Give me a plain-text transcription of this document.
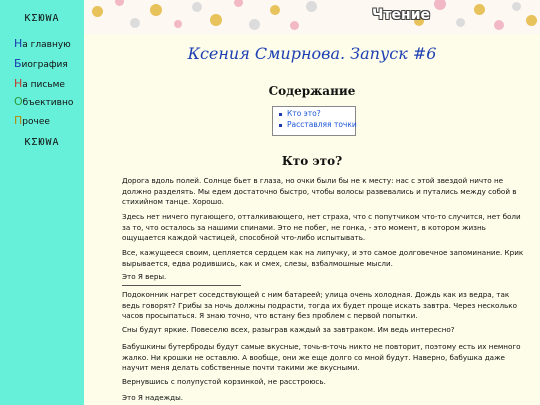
KΣЮWA
На главную
Биография
На письме
Объективно
Прочее
KΣЮWA
Чтение
Ксения Смирнова. Запуск #6
Содержание
Кто это?
Расставляя точки
Кто это?

Дорога вдоль полей. Солнце бьет в глаза, но очки были бы не к месту: нас с этой звездой ничто не должно разделять. Мы едем достаточно быстро, чтобы волосы развевались и путались между собой в стихийном танце. Хорошо.

Здесь нет ничего пугающего, отталкивающего, нет страха, что с попутчиком что-то случится, нет боли за то, что осталось за нашими спинами. Это не побег, не гонка, - это момент, в котором жизнь ощущается каждой частицей, способной что-либо испытывать.

Все, кажущееся своим, цепляется сердцем как на липучку, и это самое долговечное запоминание. Крик вырывается, едва родившись, как и смех, слезы, взбалмошные мысли.

Это Я веры.

Подоконник нагрет соседствующей с ним батареей; улица очень холодная. Дождь как из ведра, так ведь говорят? Грибы за ночь должны подрасти, тогда их будет проще искать завтра. Через несколько часов просыпаться. Я знаю точно, что встану без проблем с первой попытки.

Сны будут яркие. Повеселю всех, разыграв каждый за завтраком. Им ведь интересно?

Бабушкины бутерброды будут самые вкусные, точь-в-точь никто не повторит, поэтому есть их немного жалко. Ни крошки не оставлю. А вообще, они же еще долго со мной будут. Наверно, бабушка даже научит меня делать собственные почти такими же вкусными.

Вернувшись с полупустой корзинкой, не расстроюсь.

Это Я надежды.
